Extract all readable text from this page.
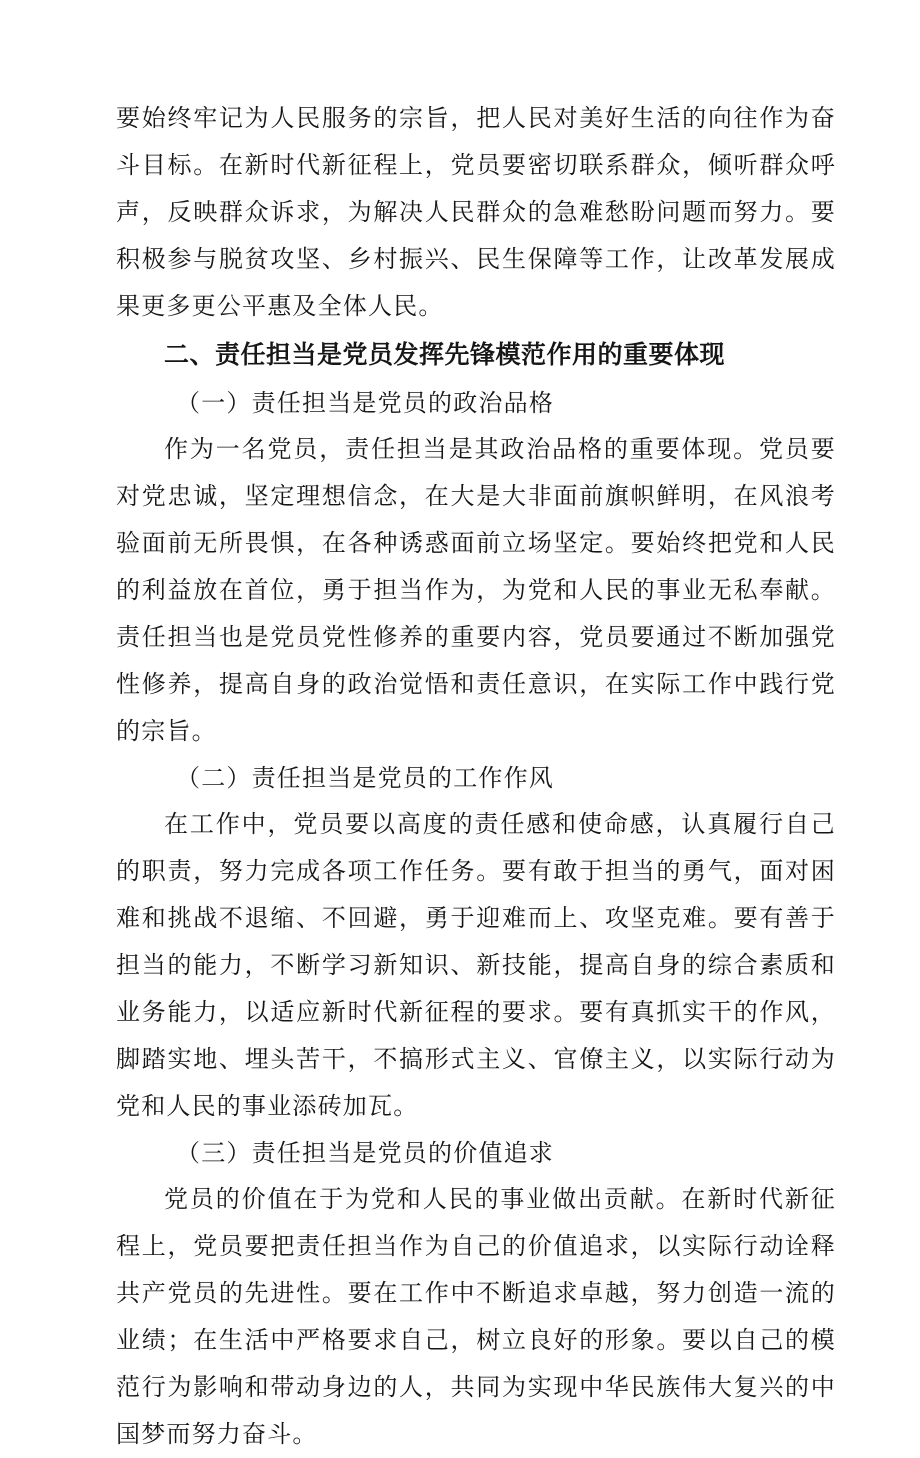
要始终牢记为人民服务的宗旨，把人民对美好生活的向往作为奋斗目标。在新时代新征程上，党员要密切联系群众，倾听群众呼声，反映群众诉求，为解决人民群众的急难愁盼问题而努力。要积极参与脱贫攻坚、乡村振兴、民生保障等工作，让改革发展成果更多更公平惠及全体人民。

二、责任担当是党员发挥先锋模范作用的重要体现
（一）责任担当是党员的政治品格

作为一名党员，责任担当是其政治品格的重要体现。党员要对党忠诚，坚定理想信念，在大是大非面前旗帜鲜明，在风浪考验面前无所畏惧，在各种诱惑面前立场坚定。要始终把党和人民的利益放在首位，勇于担当作为，为党和人民的事业无私奉献。责任担当也是党员党性修养的重要内容，党员要通过不断加强党性修养，提高自身的政治觉悟和责任意识，在实际工作中践行党的宗旨。

（二）责任担当是党员的工作作风

在工作中，党员要以高度的责任感和使命感，认真履行自己的职责，努力完成各项工作任务。要有敢于担当的勇气，面对困难和挑战不退缩、不回避，勇于迎难而上、攻坚克难。要有善于担当的能力，不断学习新知识、新技能，提高自身的综合素质和业务能力，以适应新时代新征程的要求。要有真抓实干的作风，脚踏实地、埋头苦干，不搞形式主义、官僚主义，以实际行动为党和人民的事业添砖加瓦。

（三）责任担当是党员的价值追求

党员的价值在于为党和人民的事业做出贡献。在新时代新征程上，党员要把责任担当作为自己的价值追求，以实际行动诠释共产党员的先进性。要在工作中不断追求卓越，努力创造一流的业绩；在生活中严格要求自己，树立良好的形象。要以自己的模范行为影响和带动身边的人，共同为实现中华民族伟大复兴的中国梦而努力奋斗。
